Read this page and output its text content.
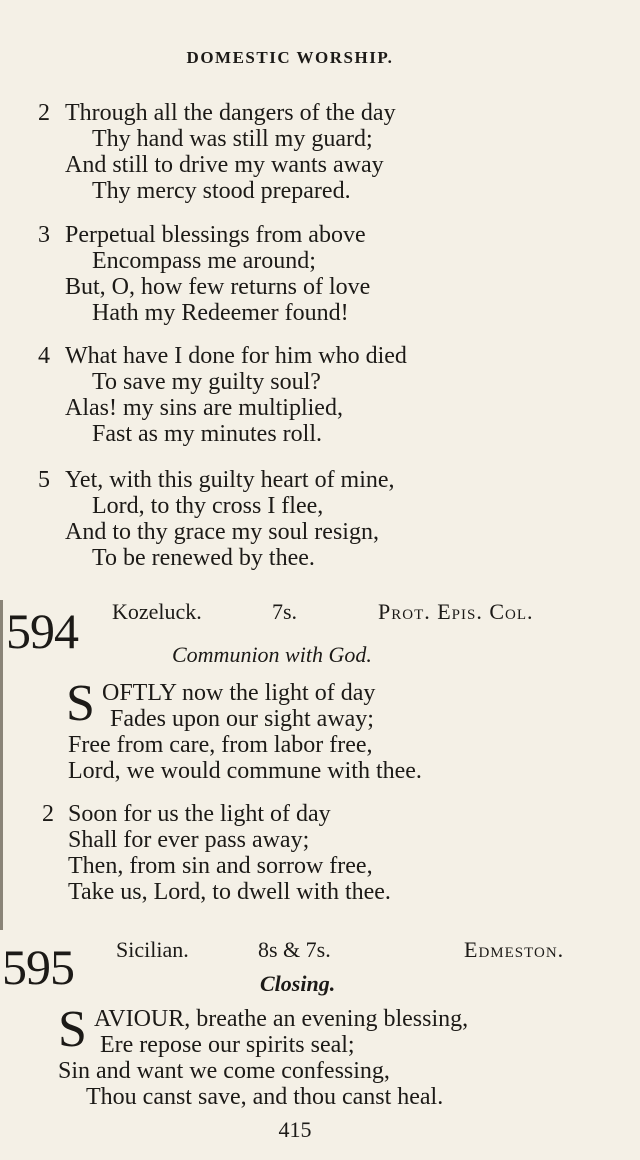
DOMESTIC WORSHIP.
2 Through all the dangers of the day
Thy hand was still my guard;
And still to drive my wants away
Thy mercy stood prepared.
3 Perpetual blessings from above
Encompass me around;
But, O, how few returns of love
Hath my Redeemer found!
4 What have I done for him who died
To save my guilty soul?
Alas! my sins are multiplied,
Fast as my minutes roll.
5 Yet, with this guilty heart of mine,
Lord, to thy cross I flee,
And to thy grace my soul resign,
To be renewed by thee.
594 Kozeluck.	7s.	Prot. Epis. Col.
Communion with God.
S OFTLY now the light of day
Fades upon our sight away;
Free from care, from labor free,
Lord, we would commune with thee.
2 Soon for us the light of day
Shall for ever pass away;
Then, from sin and sorrow free,
Take us, Lord, to dwell with thee.
595 Sicilian.	8s & 7s.	Edmeston.
Closing.
S AVIOUR, breathe an evening blessing,
Ere repose our spirits seal;
Sin and want we come confessing,
Thou canst save, and thou canst heal.
415
